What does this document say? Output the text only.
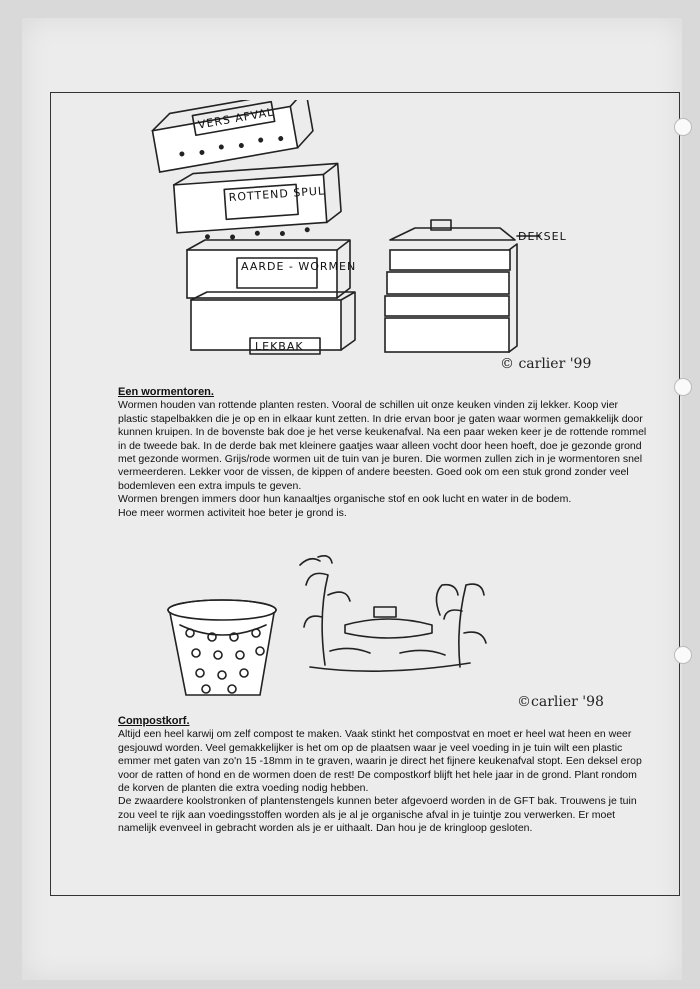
VERS AFVAL
ROTTEND SPUL
AARDE - WORMEN
LEKBAK
DEKSEL
© carlier '99
Een wormentoren.

Wormen houden van rottende planten resten. Vooral de schillen uit onze keuken vinden zij lekker. Koop vier plastic stapelbakken die je op en in elkaar kunt zetten. In drie ervan boor je gaten waar wormen gemakkelijk door kunnen kruipen. In de bovenste bak doe je het verse keukenafval. Na een paar weken keer je de rottende rommel in de tweede bak. In de derde bak met kleinere gaatjes waar alleen vocht door heen hoeft, doe je gezonde grond met gezonde wormen. Grijs/rode wormen uit de tuin van je buren. Die wormen zullen zich in je wormentoren snel vermeerderen. Lekker voor de vissen, de kippen of andere beesten. Goed ook om een stuk grond zonder veel bodemleven een extra impuls te geven.

Wormen brengen immers door hun kanaaltjes organische stof en ook lucht en water in de bodem.

Hoe meer wormen activiteit hoe beter je grond is.

©carlier '98
Compostkorf.

Altijd een heel karwij om zelf compost te maken. Vaak stinkt het compostvat en moet er heel wat heen en weer gesjouwd worden. Veel gemakkelijker is het om op de plaatsen waar je veel voeding in je tuin wilt een plastic emmer met gaten van zo'n 15 -18mm in te graven, waarin je direct het fijnere keukenafval stopt. Een deksel erop voor de ratten of hond en de wormen doen de rest! De compostkorf blijft het hele jaar in de grond. Plant rondom de korven de planten die extra voeding nodig hebben.

De zwaardere koolstronken of plantenstengels kunnen beter afgevoerd worden in de GFT bak. Trouwens je tuin zou veel te rijk aan voedingsstoffen worden als je al je organische afval in je tuintje zou verwerken. Er moet namelijk evenveel in gebracht worden als je er uithaalt. Dan hou je de kringloop gesloten.
